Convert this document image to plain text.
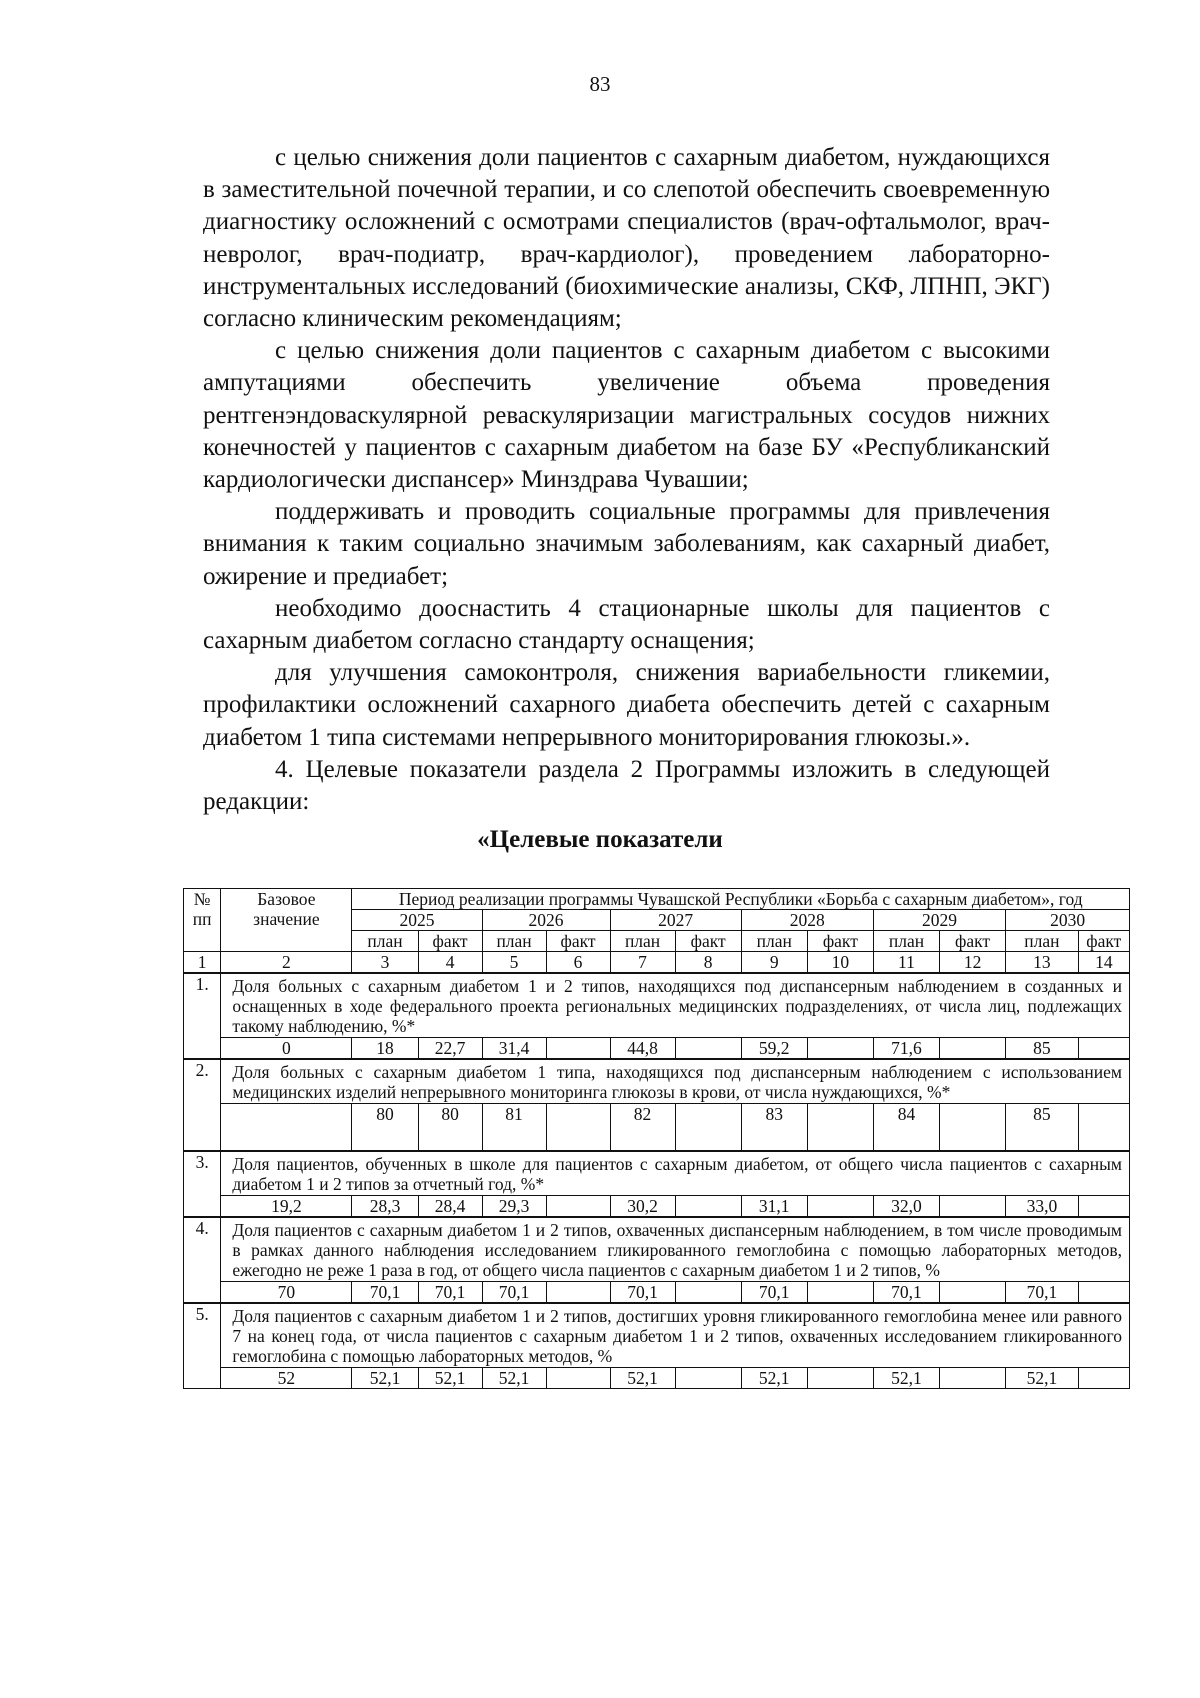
83

с целью снижения доли пациентов с сахарным диабетом, нуждающихся в заместительной почечной терапии, и со слепотой обеспечить своевременную диагностику осложнений с осмотрами специалистов (врач-офтальмолог, врач-невролог, врач-подиатр, врач-кардиолог), проведением лабораторно-инструментальных исследований (биохимические анализы, СКФ, ЛПНП, ЭКГ) согласно клиническим рекомендациям;

с целью снижения доли пациентов с сахарным диабетом с высокими ампутациями обеспечить увеличение объема проведения рентгенэндоваскулярной реваскуляризации магистральных сосудов нижних конечностей у пациентов с сахарным диабетом на базе БУ «Республиканский кардиологически диспансер» Минздрава Чувашии;

поддерживать и проводить социальные программы для привлечения внимания к таким социально значимым заболеваниям, как сахарный диабет, ожирение и предиабет;

необходимо дооснастить 4 стационарные школы для пациентов с сахарным диабетом согласно стандарту оснащения;

для улучшения самоконтроля, снижения вариабельности гликемии, профилактики осложнений сахарного диабета обеспечить детей с сахарным диабетом 1 типа системами непрерывного мониторирования глюкозы.».

4. Целевые показатели раздела 2 Программы изложить в следующей редакции:

«Целевые показатели
№ пп	Базовое значение	Период реализации программы Чувашской Республики «Борьба с сахарным диабетом», год											
		2025		2026		2027		2028		2029		2030	
		план	факт	план	факт	план	факт	план	факт	план	факт	план	факт
1	2	3	4	5	6	7	8	9	10	11	12	13	14
1.	Доля больных с сахарным диабетом 1 и 2 типов, находящихся под диспансерным наблюдением в созданных и оснащенных в ходе федерального проекта региональных медицинских подразделениях, от числа лиц, подлежащих такому наблюдению, %*												
	0	18	22,7	31,4		44,8		59,2		71,6		85	
2.	Доля больных с сахарным диабетом 1 типа, находящихся под диспансерным наблюдением с использованием медицинских изделий непрерывного мониторинга глюкозы в крови, от числа нуждающихся, %*												
		80	80	81		82		83		84		85	
3.	Доля пациентов, обученных в школе для пациентов с сахарным диабетом, от общего числа пациентов с сахарным диабетом 1 и 2 типов за отчетный год, %*												
	19,2	28,3	28,4	29,3		30,2		31,1		32,0		33,0	
4.	Доля пациентов с сахарным диабетом 1 и 2 типов, охваченных диспансерным наблюдением, в том числе проводимым в рамках данного наблюдения исследованием гликированного гемоглобина с помощью лабораторных методов, ежегодно не реже 1 раза в год, от общего числа пациентов с сахарным диабетом 1 и 2 типов, %												
	70	70,1	70,1	70,1		70,1		70,1		70,1		70,1	
5.	Доля пациентов с сахарным диабетом 1 и 2 типов, достигших уровня гликированного гемоглобина менее или равного 7 на конец года, от числа пациентов с сахарным диабетом 1 и 2 типов, охваченных исследованием гликированного гемоглобина с помощью лабораторных методов, %												
	52	52,1	52,1	52,1		52,1		52,1		52,1		52,1	
